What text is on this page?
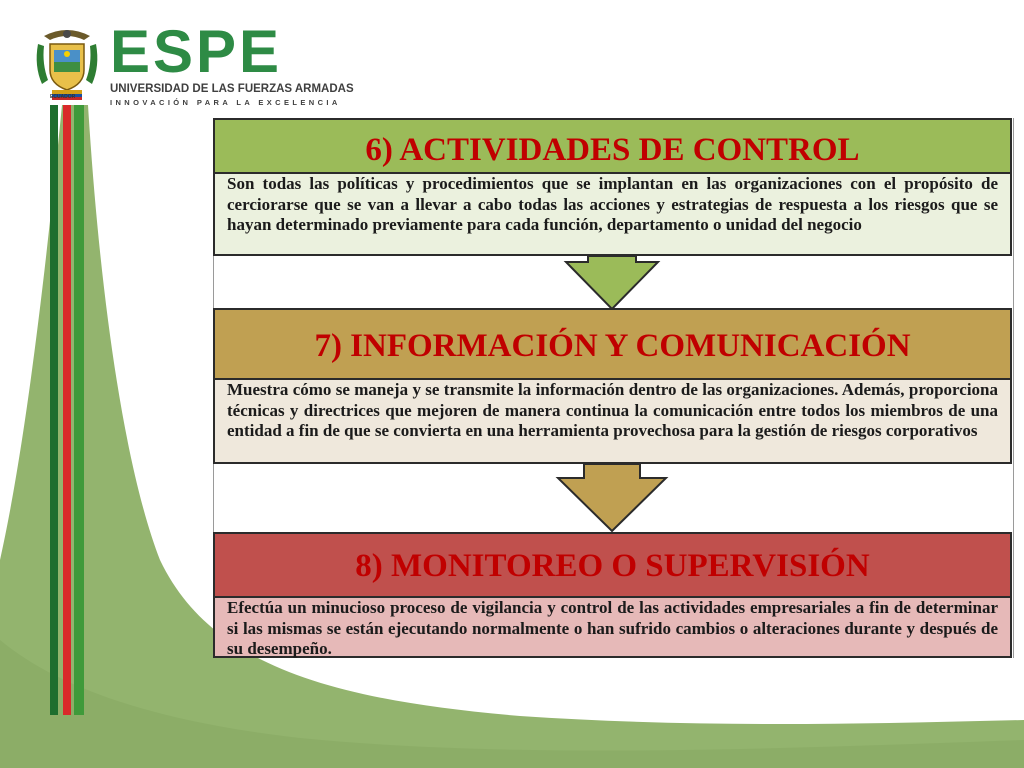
ECUADOR
ESPE
UNIVERSIDAD DE LAS FUERZAS ARMADAS
INNOVACIÓN PARA LA EXCELENCIA
6) ACTIVIDADES DE CONTROL
Son todas las políticas y procedimientos que se implantan en las organizaciones con el propósito de cerciorarse que se van a llevar a cabo todas las acciones y estrategias de respuesta a los riesgos que se hayan determinado previamente para cada función, departamento o unidad del negocio
7) INFORMACIÓN Y COMUNICACIÓN
Muestra cómo se maneja y se transmite la información dentro de las organizaciones. Además, proporciona técnicas y directrices que mejoren de manera continua la comunicación entre todos los miembros de una entidad a fin de que se convierta en una herramienta provechosa para la gestión de riesgos corporativos
8) MONITOREO O SUPERVISIÓN
Efectúa un minucioso proceso de vigilancia y control de las actividades empresariales a fin de determinar si las mismas se están ejecutando normalmente o han sufrido cambios o alteraciones durante y después de su desempeño.
